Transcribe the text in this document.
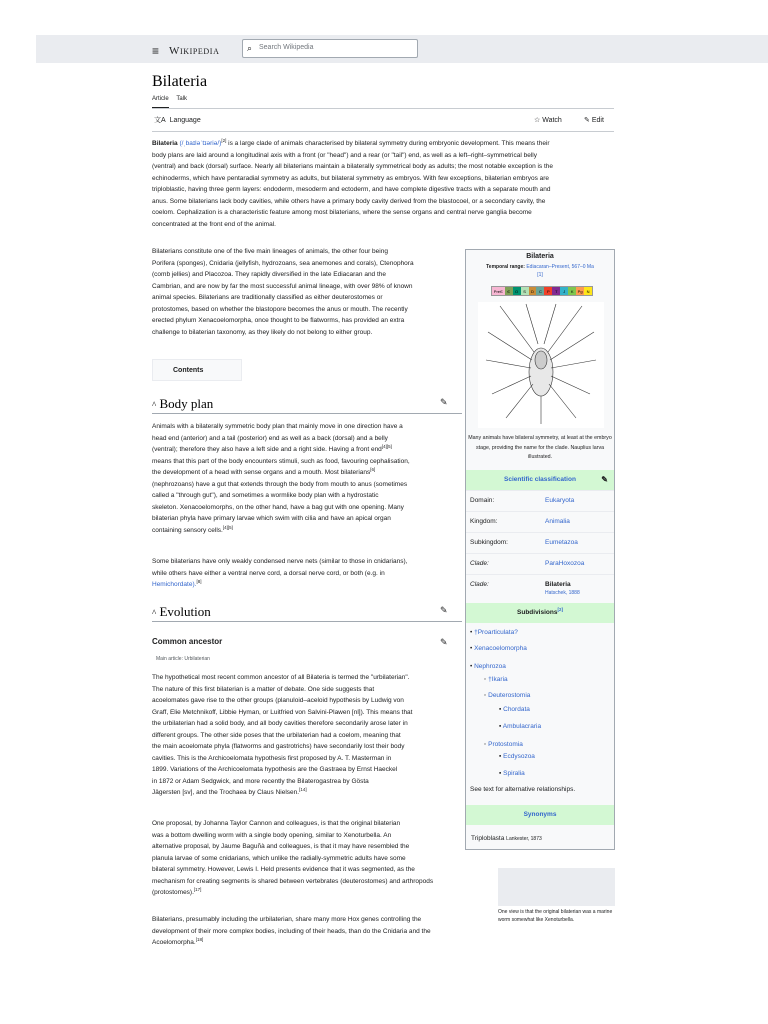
≡ Wikipedia	⌕ Search Wikipedia
Bilateria
Article Talk
文A Language	☆ Watch	✎ Edit
Bilateria (/ˌbaɪləˈtɪəriə/)[2] is a large clade of animals characterised by bilateral symmetry during embryonic development. This means their
body plans are laid around a longitudinal axis with a front (or "head") and a rear (or "tail") end, as well as a left–right–symmetrical belly
(ventral) and back (dorsal) surface. Nearly all bilaterians maintain a bilaterally symmetrical body as adults; the most notable exception is the
echinoderms, which have pentaradial symmetry as adults, but bilateral symmetry as embryos. With few exceptions, bilaterian embryos are
triploblastic, having three germ layers: endoderm, mesoderm and ectoderm, and have complete digestive tracts with a separate mouth and
anus. Some bilaterians lack body cavities, while others have a primary body cavity derived from the blastocoel, or a secondary cavity, the
coelom. Cephalization is a characteristic feature among most bilaterians, where the sense organs and central nerve ganglia become
concentrated at the front end of the animal.
Bilaterians constitute one of the five main lineages of animals, the other four being
Porifera (sponges), Cnidaria (jellyfish, hydrozoans, sea anemones and corals), Ctenophora
(comb jellies) and Placozoa. They rapidly diversified in the late Ediacaran and the
Cambrian, and are now by far the most successful animal lineage, with over 98% of known
animal species. Bilaterians are traditionally classified as either deuterostomes or
protostomes, based on whether the blastopore becomes the anus or mouth. The recently
erected phylum Xenacoelomorpha, once thought to be flatworms, has provided an extra
challenge to bilaterian taxonomy, as they likely do not belong to either group.
Contents
^ Body plan	✎
Animals with a bilaterally symmetric body plan that mainly move in one direction have a
head end (anterior) and a tail (posterior) end as well as a back (dorsal) and a belly
(ventral); therefore they also have a left side and a right side. Having a front end[4][5]
means that this part of the body encounters stimuli, such as food, favouring cephalisation,
the development of a head with sense organs and a mouth. Most bilaterians[6]
(nephrozoans) have a gut that extends through the body from mouth to anus (sometimes
called a "through gut"), and sometimes a wormlike body plan with a hydrostatic
skeleton. Xenacoelomorphs, on the other hand, have a bag gut with one opening. Many
bilaterian phyla have primary larvae which swim with cilia and have an apical organ
containing sensory cells.[4][5]
Some bilaterians have only weakly condensed nerve nets (similar to those in cnidarians),
while others have either a ventral nerve cord, a dorsal nerve cord, or both (e.g. in
Hemichordate).[8]
^ Evolution	✎
Common ancestor	✎
Main article: Urbilaterian
The hypothetical most recent common ancestor of all Bilateria is termed the "urbilaterian".
The nature of this first bilaterian is a matter of debate. One side suggests that
acoelomates gave rise to the other groups (planuloid–aceloid hypothesis by Ludwig von
Graff, Elie Metchnikoff, Libbie Hyman, or Luitfried von Salvini-Plawen [nl]). This means that
the urbilaterian had a solid body, and all body cavities therefore secondarily arose later in
different groups. The other side poses that the urbilaterian had a coelom, meaning that
the main acoelomate phyla (flatworms and gastrotrichs) have secondarily lost their body
cavities. This is the Archicoelomata hypothesis first proposed by A. T. Masterman in
1899. Variations of the Archicoelomata hypothesis are the Gastraea by Ernst Haeckel
in 1872 or Adam Sedgwick, and more recently the Bilaterogastrea by Gösta
Jägersten [sv], and the Trochaea by Claus Nielsen.[14]
One proposal, by Johanna Taylor Cannon and colleagues, is that the original bilaterian
was a bottom dwelling worm with a single body opening, similar to Xenoturbella. An
alternative proposal, by Jaume Baguñà and colleagues, is that it may have resembled the
planula larvae of some cnidarians, which unlike the radially-symmetric adults have some
bilateral symmetry. However, Lewis I. Held presents evidence that it was segmented, as the
mechanism for creating segments is shared between vertebrates (deuterostomes) and arthropods
(protostomes).[17]
Bilaterians, presumably including the urbilaterian, share many more Hox genes controlling the
development of their more complex bodies, including of their heads, than do the Cnidaria and the
Acoelomorpha.[18]
Bilateria
Temporal range: Ediacaran–Present, 567–0 Ma
[1]
PreЄ	Є	O	S	D	C	P	T	J	K	Pg	N
Many animals have bilateral symmetry, at least at the embryo stage, providing the name for the clade. Nauplius larva illustrated.
Scientific classification	✎
Domain:	Eukaryota
Kingdom:	Animalia
Subkingdom:	Eumetazoa
Clade:	ParaHoxozoa
Clade:	Bilateria
Hatschek, 1888
Subdivisions[2]
• †Proarticulata?
• Xenacoelomorpha
• Nephrozoa
◦ †Ikaria
◦ Deuterostomia
▪ Chordata
▪ Ambulacraria
◦ Protostomia
▪ Ecdysozoa
▪ Spiralia
See text for alternative relationships.
Synonyms
Triploblasta Lankester, 1873
One view is that the original bilaterian was a marine worm somewhat like Xenoturbella.
